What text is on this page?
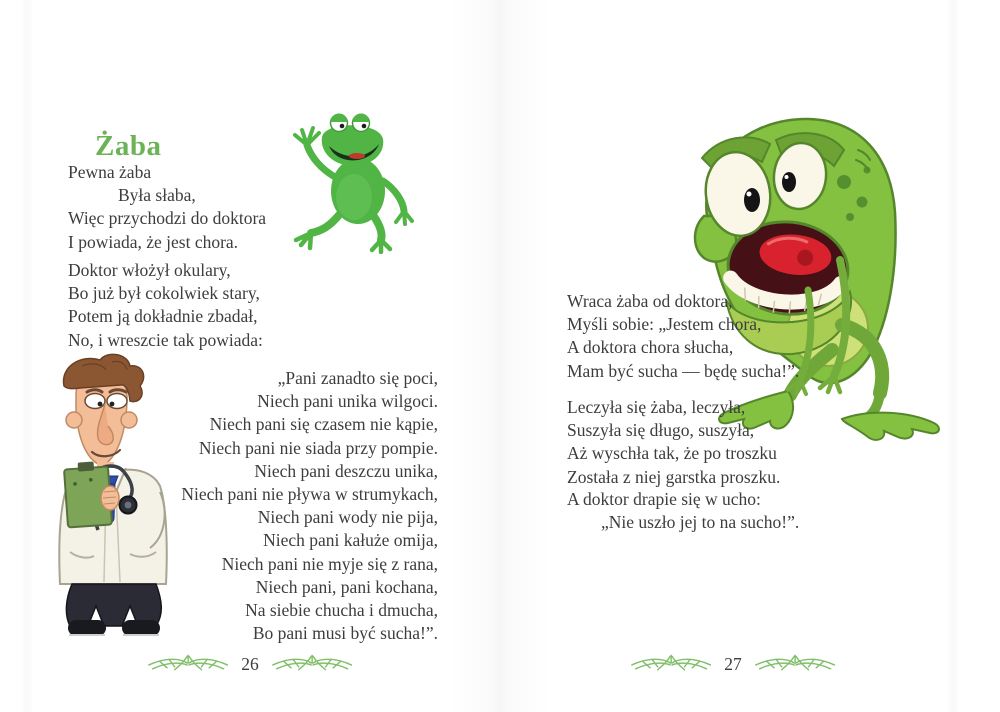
Żaba
Pewna żaba
Była słaba,
Więc przychodzi do doktora
I powiada, że jest chora.
Doktor włożył okulary,
Bo już był cokolwiek stary,
Potem ją dokładnie zbadał,
No, i wreszcie tak powiada:
„Pani zanadto się poci,
Niech pani unika wilgoci.
Niech pani się czasem nie kąpie,
Niech pani nie siada przy pompie.
Niech pani deszczu unika,
Niech pani nie pływa w strumykach,
Niech pani wody nie pija,
Niech pani kałuże omija,
Niech pani nie myje się z rana,
Niech pani, pani kochana,
Na siebie chucha i dmucha,
Bo pani musi być sucha!”.
26
Wraca żaba od doktora,
Myśli sobie: „Jestem chora,
A doktora chora słucha,
Mam być sucha — będę sucha!”.
Leczyła się żaba, leczyła,
Suszyła się długo, suszyła,
Aż wyschła tak, że po troszku
Została z niej garstka proszku.
A doktor drapie się w ucho:
„Nie uszło jej to na sucho!”.
27
